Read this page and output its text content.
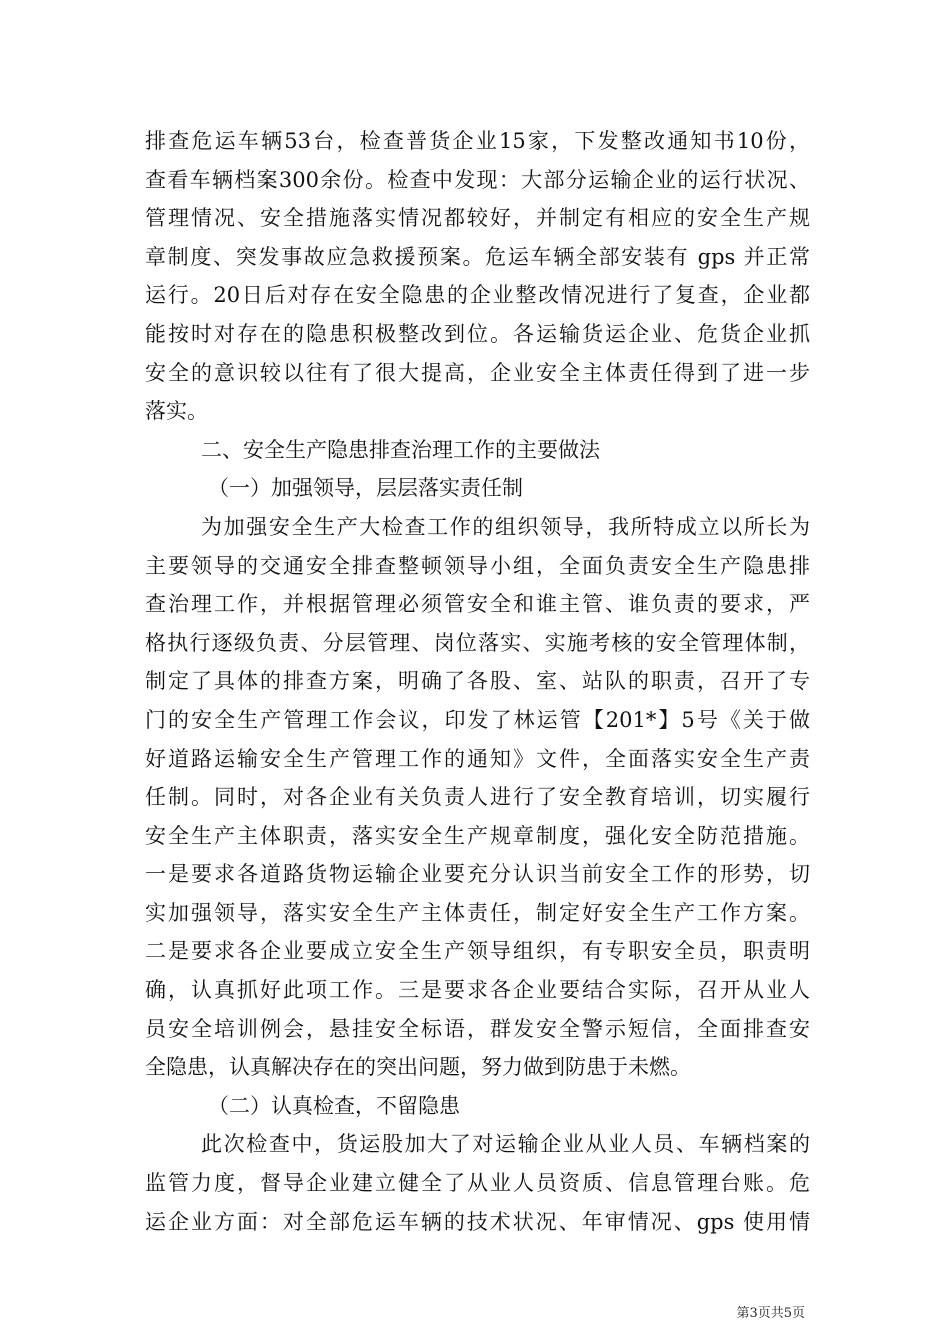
排查危运车辆53台，检查普货企业15家，下发整改通知书10份，
查看车辆档案300余份。检查中发现：大部分运输企业的运行状况、
管理情况、安全措施落实情况都较好，并制定有相应的安全生产规
章制度、突发事故应急救援预案。危运车辆全部安装有 gps 并正常
运行。20日后对存在安全隐患的企业整改情况进行了复查，企业都
能按时对存在的隐患积极整改到位。各运输货运企业、危货企业抓
安全的意识较以往有了很大提高，企业安全主体责任得到了进一步
落实。
二、安全生产隐患排查治理工作的主要做法
（一）加强领导，层层落实责任制
为加强安全生产大检查工作的组织领导，我所特成立以所长为
主要领导的交通安全排查整顿领导小组，全面负责安全生产隐患排
查治理工作，并根据管理必须管安全和谁主管、谁负责的要求，严
格执行逐级负责、分层管理、岗位落实、实施考核的安全管理体制，
制定了具体的排查方案，明确了各股、室、站队的职责，召开了专
门的安全生产管理工作会议，印发了林运管【201*】5号《关于做
好道路运输安全生产管理工作的通知》文件，全面落实安全生产责
任制。同时，对各企业有关负责人进行了安全教育培训，切实履行
安全生产主体职责，落实安全生产规章制度，强化安全防范措施。
一是要求各道路货物运输企业要充分认识当前安全工作的形势，切
实加强领导，落实安全生产主体责任，制定好安全生产工作方案。
二是要求各企业要成立安全生产领导组织，有专职安全员，职责明
确，认真抓好此项工作。三是要求各企业要结合实际，召开从业人
员安全培训例会，悬挂安全标语，群发安全警示短信，全面排查安
全隐患，认真解决存在的突出问题，努力做到防患于未燃。
（二）认真检查，不留隐患
此次检查中，货运股加大了对运输企业从业人员、车辆档案的
监管力度，督导企业建立健全了从业人员资质、信息管理台账。危
运企业方面：对全部危运车辆的技术状况、年审情况、gps 使用情
第3页共5页
